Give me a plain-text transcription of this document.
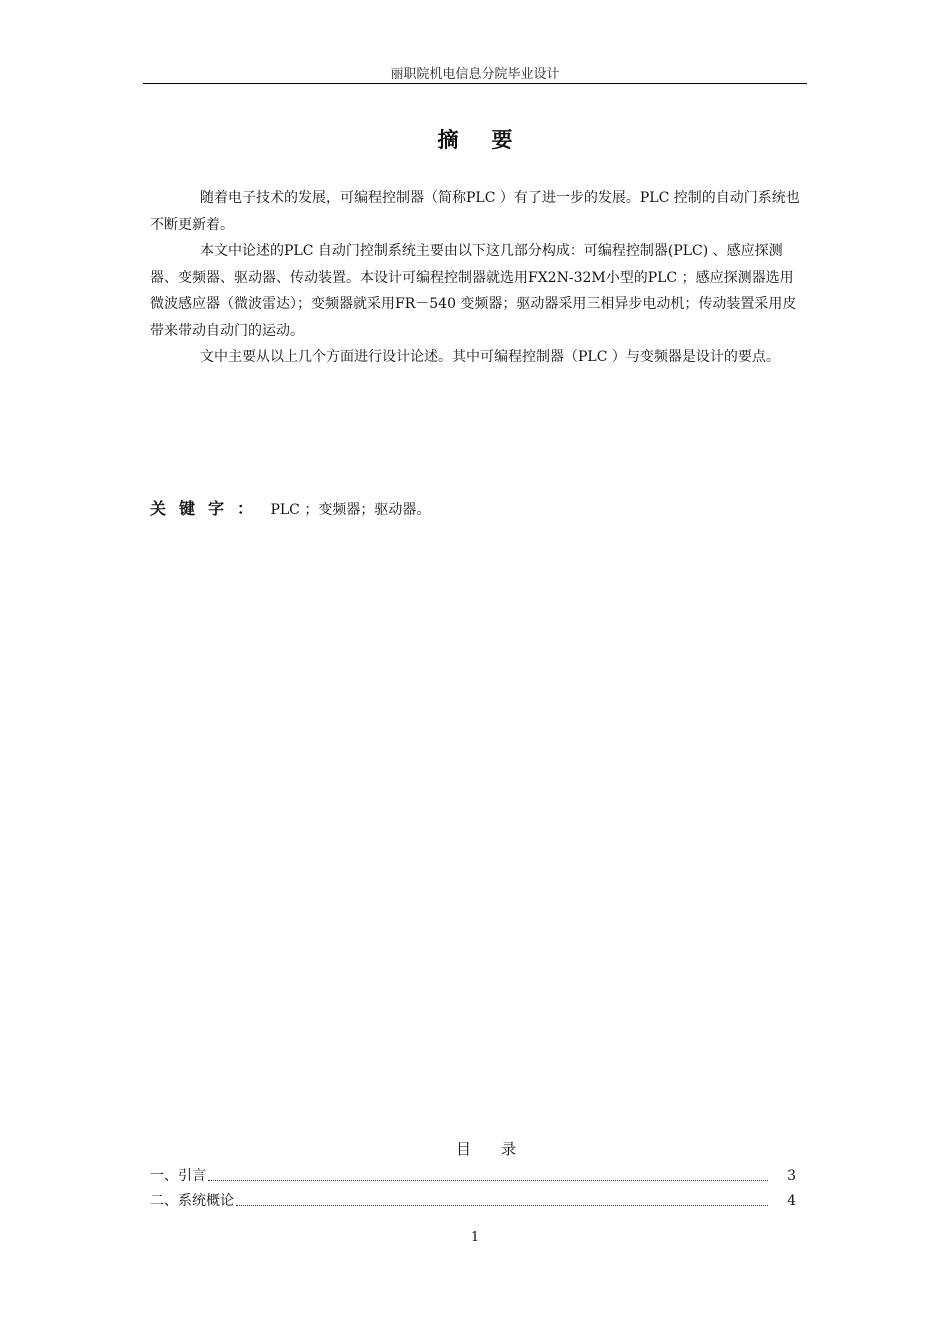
丽职院机电信息分院毕业设计
摘要

随着电子技术的发展，可编程控制器（简称PLC ）有了进一步的发展。PLC 控制的自动门系统也不断更新着。

本文中论述的PLC 自动门控制系统主要由以下这几部分构成：可编程控制器(PLC) 、感应探测器、变频器、驱动器、传动装置。本设计可编程控制器就选用FX2N-32M小型的PLC ；感应探测器选用微波感应器（微波雷达）；变频器就采用FR－540 变频器；驱动器采用三相异步电动机；传动装置采用皮带来带动自动门的运动。

文中主要从以上几个方面进行设计论述。其中可编程控制器（PLC ）与变频器是设计的要点。

关键字： PLC ；变频器；驱动器。
目录
一、引言	3
二、系统概论	4
1
